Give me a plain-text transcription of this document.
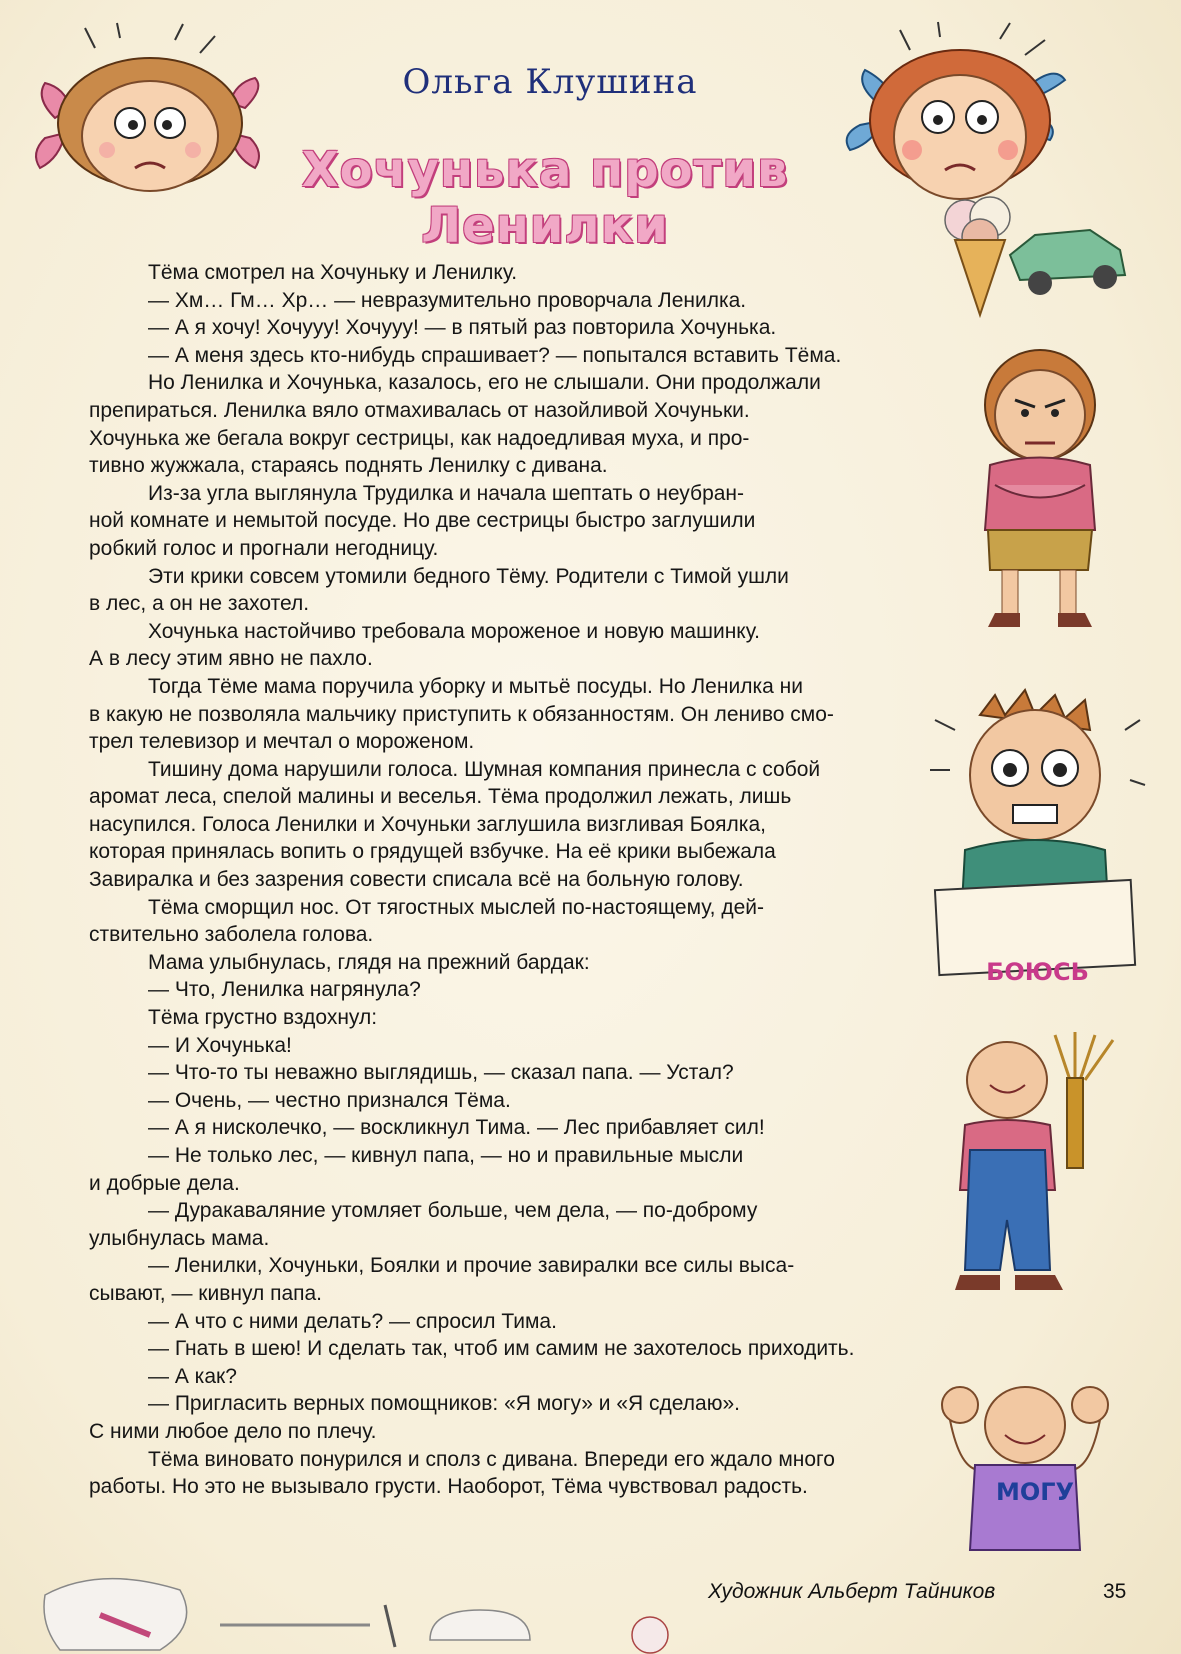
Ольга Клушина
Хочунька против Ленилки
БОЮСЬ
МОГУ

Тёма смотрел на Хочуньку и Ленилку.

— Хм… Гм… Хр… — невразумительно проворчала Ленилка.

— А я хочу! Хочууу! Хочууу! — в пятый раз повторила Хочунька.

— А меня здесь кто-нибудь спрашивает? — попытался вставить Тёма.

Но Ленилка и Хочунька, казалось, его не слышали. Они продолжали

препираться. Ленилка вяло отмахивалась от назойливой Хочуньки.

Хочунька же бегала вокруг сестрицы, как надоедливая муха, и про-

тивно жужжала, стараясь поднять Ленилку с дивана.

Из-за угла выглянула Трудилка и начала шептать о неубран-

ной комнате и немытой посуде. Но две сестрицы быстро заглушили

робкий голос и прогнали негодницу.

Эти крики совсем утомили бедного Тёму. Родители с Тимой ушли

в лес, а он не захотел.

Хочунька настойчиво требовала мороженое и новую машинку.

А в лесу этим явно не пахло.

Тогда Тёме мама поручила уборку и мытьё посуды. Но Ленилка ни

в какую не позволяла мальчику приступить к обязанностям. Он лениво смо-

трел телевизор и мечтал о мороженом.

Тишину дома нарушили голоса. Шумная компания принесла с собой

аромат леса, спелой малины и веселья. Тёма продолжил лежать, лишь

насупился. Голоса Ленилки и Хочуньки заглушила визгливая Боялка,

которая принялась вопить о грядущей взбучке. На её крики выбежала

Завиралка и без зазрения совести списала всё на больную голову.

Тёма сморщил нос. От тягостных мыслей по-настоящему, дей-

ствительно заболела голова.

Мама улыбнулась, глядя на прежний бардак:

— Что, Ленилка нагрянула?

Тёма грустно вздохнул:

— И Хочунька!

— Что-то ты неважно выглядишь, — сказал папа. — Устал?

— Очень, — честно признался Тёма.

— А я нисколечко, — воскликнул Тима. — Лес прибавляет сил!

— Не только лес, — кивнул папа, — но и правильные мысли

и добрые дела.

— Дуракаваляние утомляет больше, чем дела, — по-доброму

улыбнулась мама.

— Ленилки, Хочуньки, Боялки и прочие завиралки все силы выса-

сывают, — кивнул папа.

— А что с ними делать? — спросил Тима.

— Гнать в шею! И сделать так, чтоб им самим не захотелось приходить.

— А как?

— Пригласить верных помощников: «Я могу» и «Я сделаю».

С ними любое дело по плечу.

Тёма виновато понурился и сполз с дивана. Впереди его ждало много

работы. Но это не вызывало грусти. Наоборот, Тёма чувствовал радость.

Художник Альберт Тайников	35
